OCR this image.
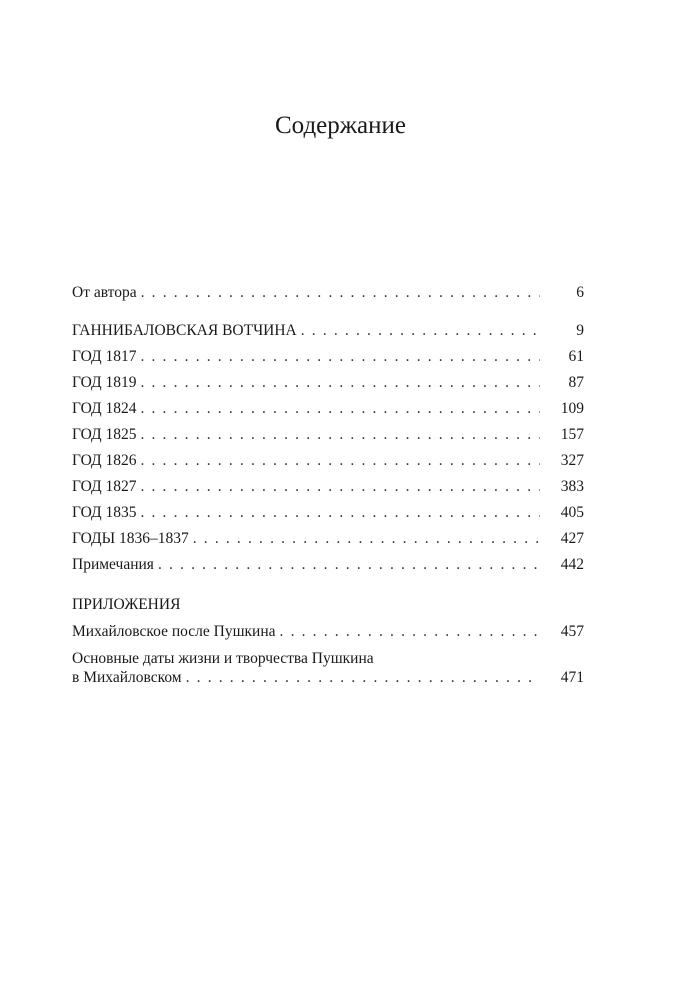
Содержание
От автора . . .	6
ГАННИБАЛОВСКАЯ ВОТЧИНА . . .	9
ГОД 1817 . . .	61
ГОД 1819 . . .	87
ГОД 1824 . . .	109
ГОД 1825 . . .	157
ГОД 1826 . . .	327
ГОД 1827 . . .	383
ГОД 1835 . . .	405
ГОДЫ 1836–1837 . . .	427
Примечания . . .	442
ПРИЛОЖЕНИЯ
Михайловское после Пушкина . . .	457
Основные даты жизни и творчества Пушкина
в Михайловском . . .	471
